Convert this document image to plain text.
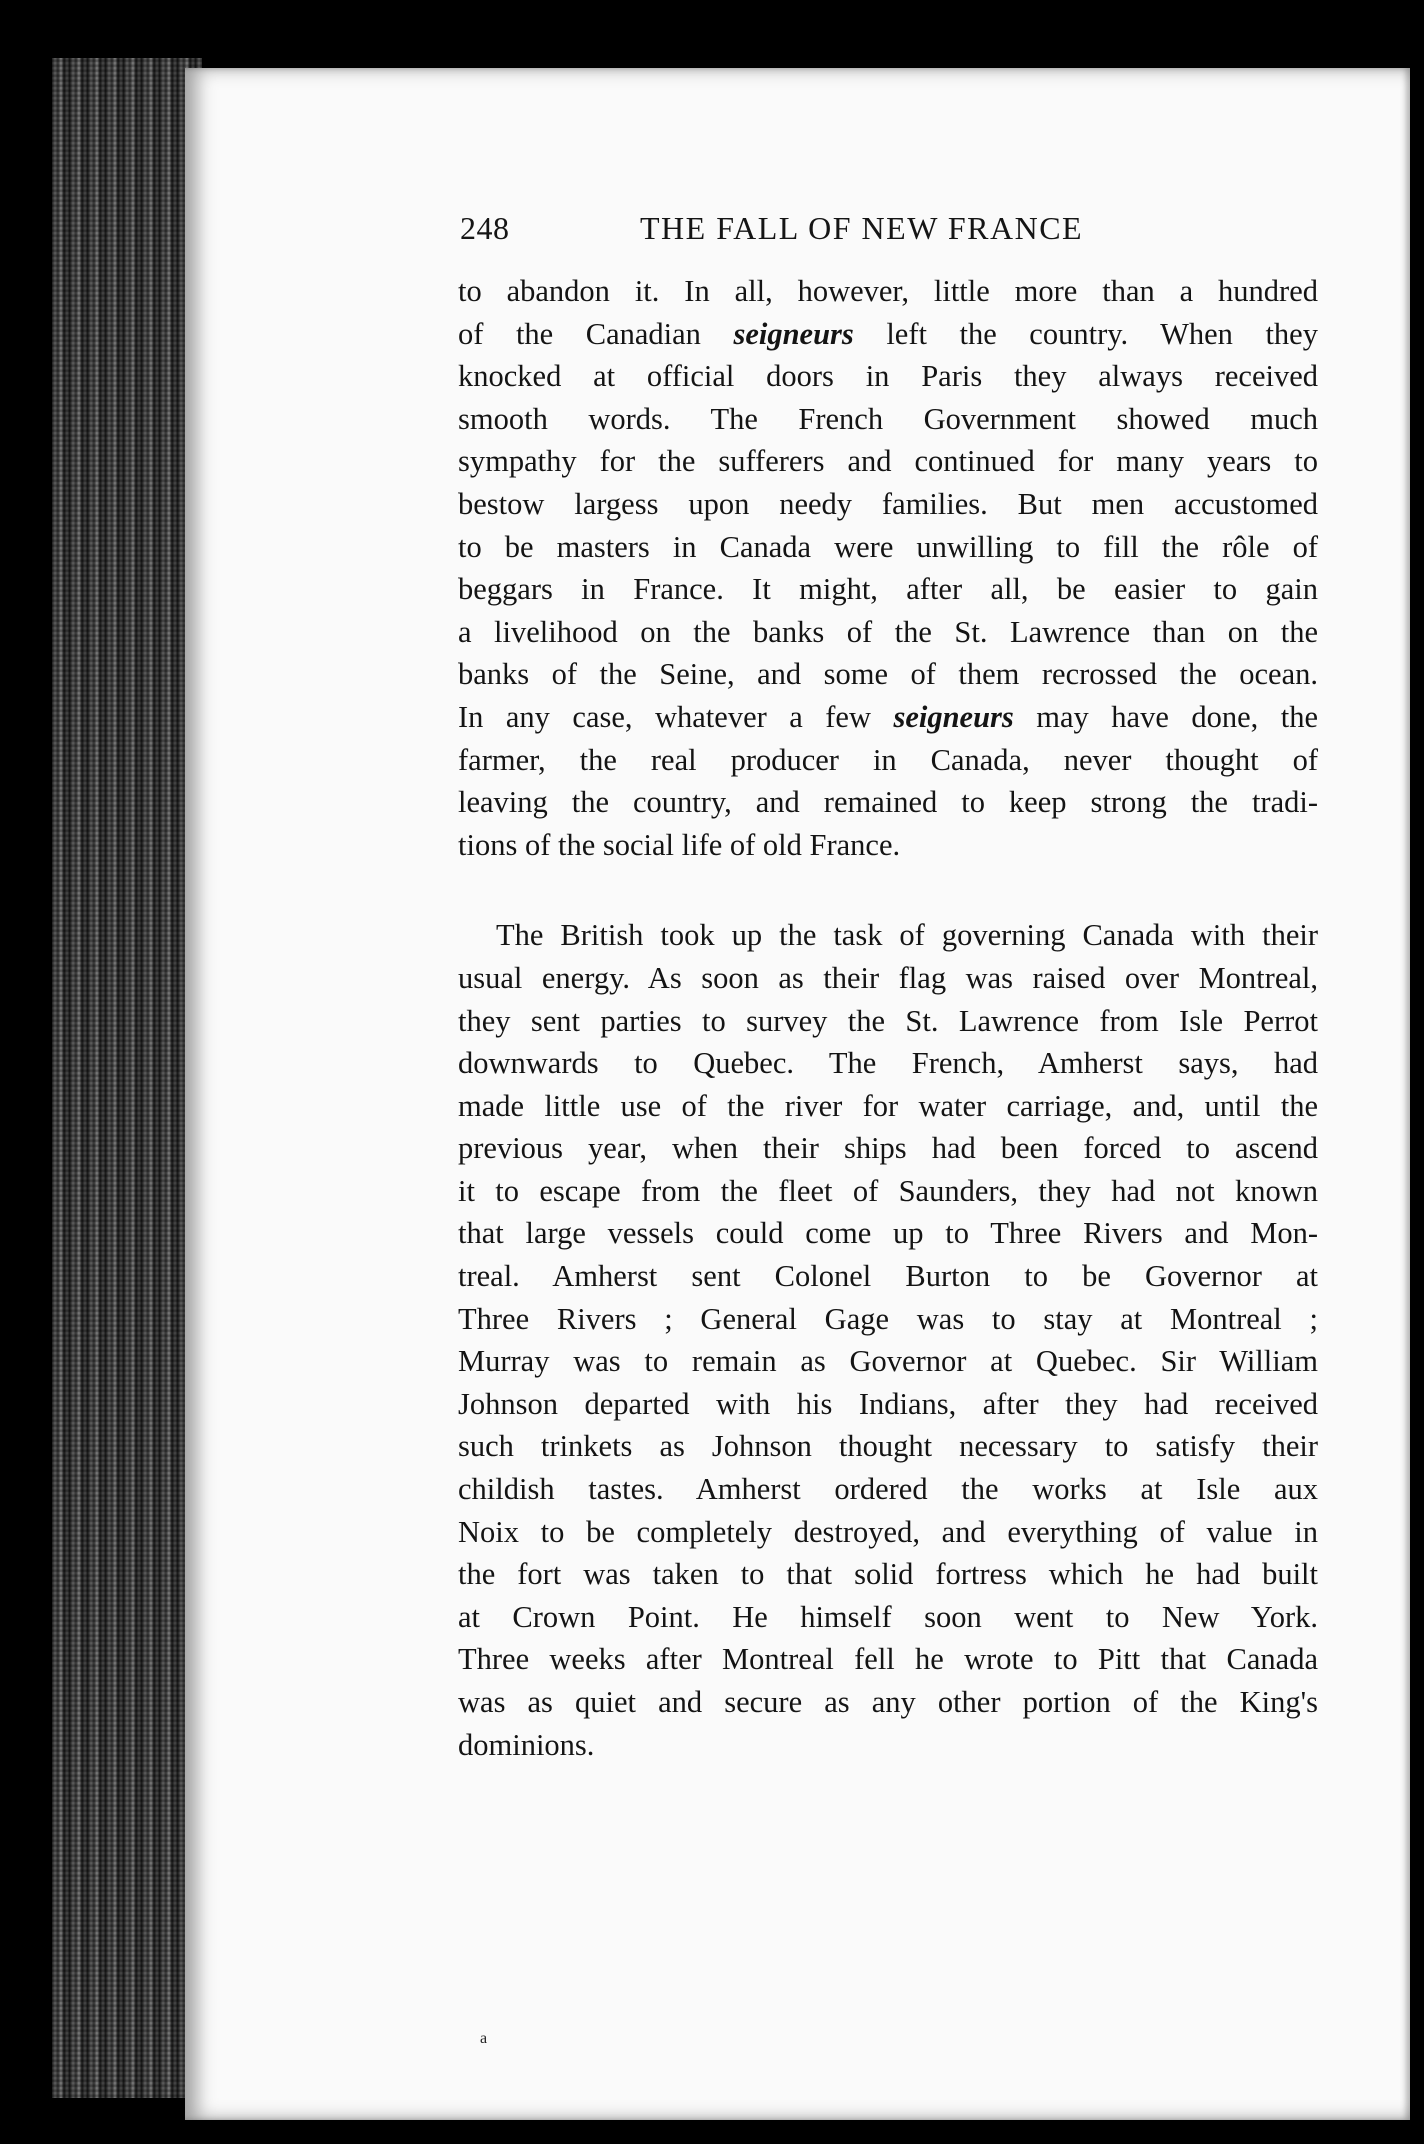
248	THE FALL OF NEW FRANCE
to abandon it. In all, however, little more than a hundred
of the Canadian seigneurs left the country. When they
knocked at official doors in Paris they always received
smooth words. The French Government showed much
sympathy for the sufferers and continued for many years to
bestow largess upon needy families. But men accustomed
to be masters in Canada were unwilling to fill the rôle of
beggars in France. It might, after all, be easier to gain
a livelihood on the banks of the St. Lawrence than on the
banks of the Seine, and some of them recrossed the ocean.
In any case, whatever a few seigneurs may have done, the
farmer, the real producer in Canada, never thought of
leaving the country, and remained to keep strong the tradi-
tions of the social life of old France.
The British took up the task of governing Canada with their
usual energy. As soon as their flag was raised over Montreal,
they sent parties to survey the St. Lawrence from Isle Perrot
downwards to Quebec. The French, Amherst says, had
made little use of the river for water carriage, and, until the
previous year, when their ships had been forced to ascend
it to escape from the fleet of Saunders, they had not known
that large vessels could come up to Three Rivers and Mon-
treal. Amherst sent Colonel Burton to be Governor at
Three Rivers ; General Gage was to stay at Montreal ;
Murray was to remain as Governor at Quebec. Sir William
Johnson departed with his Indians, after they had received
such trinkets as Johnson thought necessary to satisfy their
childish tastes. Amherst ordered the works at Isle aux
Noix to be completely destroyed, and everything of value in
the fort was taken to that solid fortress which he had built
at Crown Point. He himself soon went to New York.
Three weeks after Montreal fell he wrote to Pitt that Canada
was as quiet and secure as any other portion of the King's
dominions.
a
